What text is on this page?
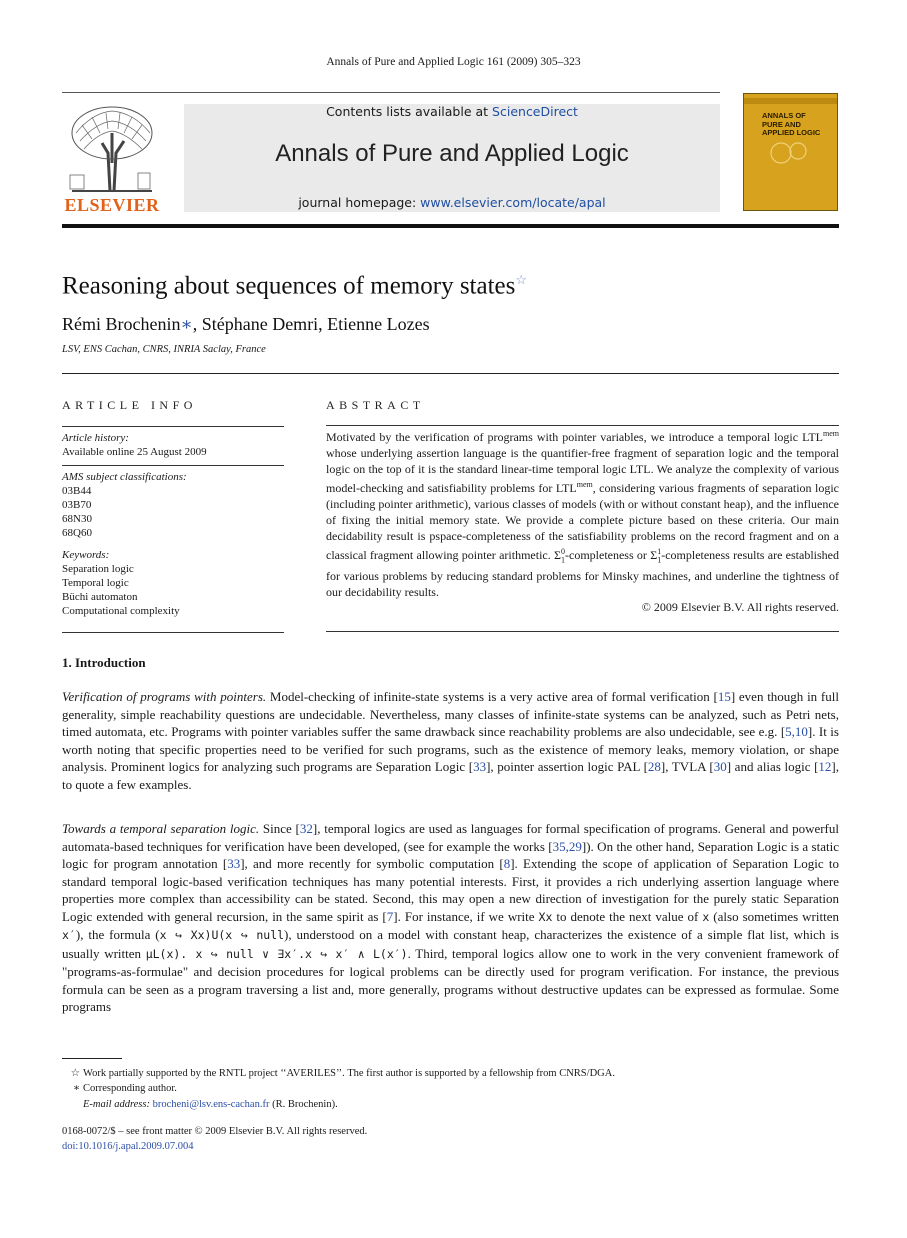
Annals of Pure and Applied Logic 161 (2009) 305–323
ELSEVIER
Contents lists available at ScienceDirect
Annals of Pure and Applied Logic
journal homepage: www.elsevier.com/locate/apal
ANNALS OF PURE AND APPLIED LOGIC
Reasoning about sequences of memory states☆
Rémi Brochenin∗, Stéphane Demri, Etienne Lozes
LSV, ENS Cachan, CNRS, INRIA Saclay, France
ARTICLE INFO
Article history:
Available online 25 August 2009
AMS subject classifications:
03B44
03B70
68N30
68Q60
Keywords:
Separation logic
Temporal logic
Büchi automaton
Computational complexity
ABSTRACT
Motivated by the verification of programs with pointer variables, we introduce a temporal logic $LTL^{mem}$ whose underlying assertion language is the quantifier-free fragment of separation logic and the temporal logic on the top of it is the standard linear-time temporal logic LTL. We analyze the complexity of various model-checking and satisfiability problems for $LTL^{mem}$, considering various fragments of separation logic (including pointer arithmetic), various classes of models (with or without constant heap), and the influence of fixing the initial memory state. We provide a complete picture based on these criteria. Our main decidability result is pspace-completeness of the satisfiability problems on the record fragment and on a classical fragment allowing pointer arithmetic. $\Sigma_1^0$-completeness or $\Sigma_1^1$-completeness results are established for various problems by reducing standard problems for Minsky machines, and underline the tightness of our decidability results.
© 2009 Elsevier B.V. All rights reserved.
1. Introduction
Verification of programs with pointers. Model-checking of infinite-state systems is a very active area of formal verification [15] even though in full generality, simple reachability questions are undecidable. Nevertheless, many classes of infinite-state systems can be analyzed, such as Petri nets, timed automata, etc. Programs with pointer variables suffer the same drawback since reachability problems are also undecidable, see e.g. [5,10]. It is worth noting that specific properties need to be verified for such programs, such as the existence of memory leaks, memory violation, or shape analysis. Prominent logics for analyzing such programs are Separation Logic [33], pointer assertion logic PAL [28], TVLA [30] and alias logic [12], to quote a few examples.
Towards a temporal separation logic. Since [32], temporal logics are used as languages for formal specification of programs. General and powerful automata-based techniques for verification have been developed, (see for example the works [35,29]). On the other hand, Separation Logic is a static logic for program annotation [33], and more recently for symbolic computation [8]. Extending the scope of application of Separation Logic to standard temporal logic-based verification techniques has many potential interests. First, it provides a rich underlying assertion language where properties more complex than accessibility can be stated. Second, this may open a new direction of investigation for the purely static Separation Logic extended with general recursion, in the same spirit as [7]. For instance, if we write Xx to denote the next value of x (also sometimes written x′), the formula (x ↪ Xx)U(x ↪ null), understood on a model with constant heap, characterizes the existence of a simple flat list, which is usually written μL(x). x ↪ null ∨ ∃x′.x ↪ x′ ∧ L(x′). Third, temporal logics allow one to work in the very convenient framework of "programs-as-formulae" and decision procedures for logical problems can be directly used for program verification. For instance, the previous formula can be seen as a program traversing a list and, more generally, programs without destructive updates can be expressed as formulae. Some programs
☆ Work partially supported by the RNTL project ‘‘AVERILES’’. The first author is supported by a fellowship from CNRS/DGA.
∗ Corresponding author.
E-mail address: brocheni@lsv.ens-cachan.fr (R. Brochenin).
0168-0072/$ – see front matter © 2009 Elsevier B.V. All rights reserved.
doi:10.1016/j.apal.2009.07.004
